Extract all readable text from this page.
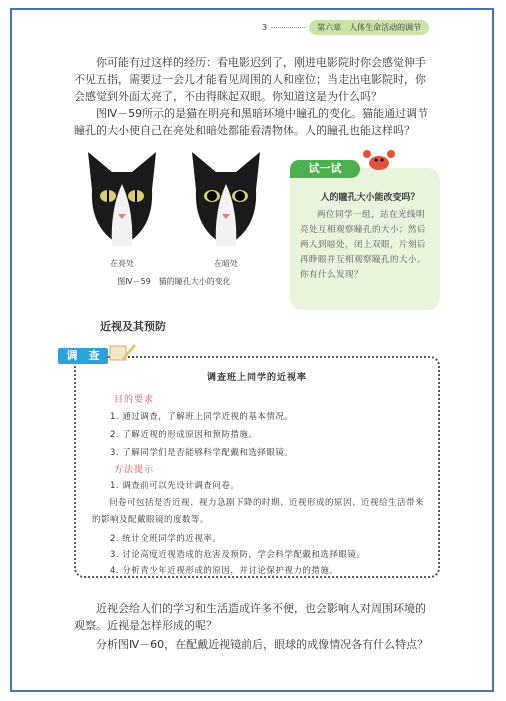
3	第六章　人体生命活动的调节

你可能有过这样的经历：看电影迟到了，刚进电影院时你会感觉伸手不见五指，需要过一会儿才能看见周围的人和座位；当走出电影院时，你会感觉到外面太亮了，不由得眯起双眼。你知道这是为什么吗？

图Ⅳ－59所示的是猫在明亮和黑暗环境中瞳孔的变化。猫能通过调节瞳孔的大小使自己在亮处和暗处都能看清物体。人的瞳孔也能这样吗？

在亮处	在暗处
图Ⅳ－59　猫的瞳孔大小的变化
试一试
人的瞳孔大小能改变吗？

两位同学一组，站在光线明亮处互相观察瞳孔的大小；然后两人到暗处，闭上双眼，片刻后再睁眼并互相观察瞳孔的大小。你有什么发现？

近视及其预防
调　查
调查班上同学的近视率
目的要求
1. 通过调查，了解班上同学近视的基本情况。
2. 了解近视的形成原因和预防措施。
3. 了解同学们是否能够科学配戴和选择眼镜。
方法提示
1. 调查前可以先设计调查问卷。

问卷可包括是否近视、视力急剧下降的时期、近视形成的原因、近视给生活带来的影响及配戴眼镜的度数等。

2. 统计全班同学的近视率。
3. 讨论高度近视造成的危害及预防，学会科学配戴和选择眼镜。
4. 分析青少年近视形成的原因，并讨论保护视力的措施。

近视会给人们的学习和生活造成许多不便，也会影响人对周围环境的观察。近视是怎样形成的呢？

分析图Ⅳ－60，在配戴近视镜前后，眼球的成像情况各有什么特点？
